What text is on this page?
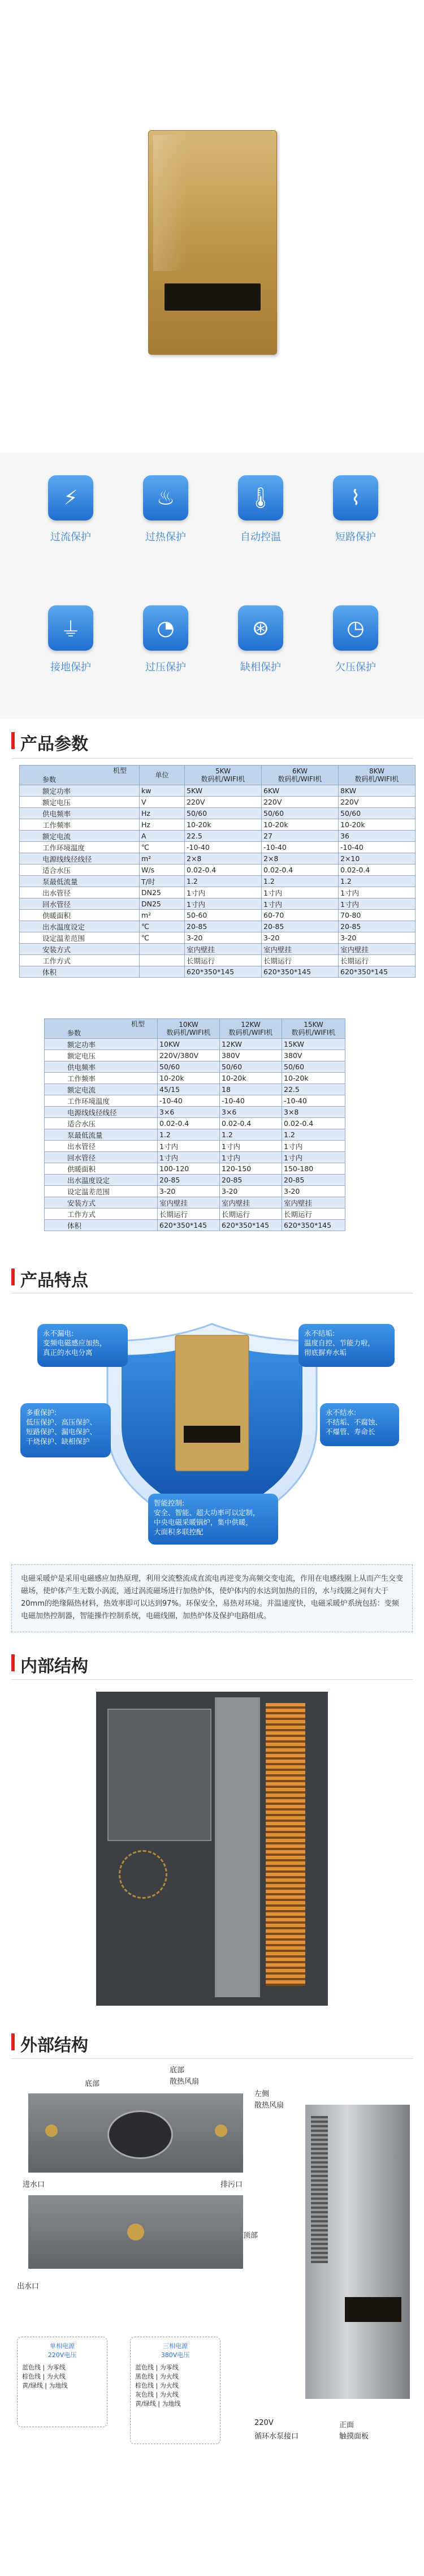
⚡
过流保护
♨
过热保护
🌡
自动控温
⌇
短路保护
⏚
接地保护
◔
过压保护
⊛
缺相保护
◷
欠压保护
产品参数
机型
参数	单位	5KW
数码机/WIFI机	6KW
数码机/WIFI机	8KW
数码机/WIFI机
额定功率	kw	5KW	6KW	8KW
额定电压	V	220V	220V	220V
供电频率	Hz	50/60	50/60	50/60
工作频率	Hz	10-20k	10-20k	10-20k
额定电流	A	22.5	27	36
工作环境温度	℃	-10-40	-10-40	-10-40
电源线线径线径	m²	2×8	2×8	2×10
适合水压	W/s	0.02-0.4	0.02-0.4	0.02-0.4
泵最低流量	T/时	1.2	1.2	1.2
出水管径	DN25	1寸内	1寸内	1寸内
回水管径	DN25	1寸内	1寸内	1寸内
供暖面积	m²	50-60	60-70	70-80
出水温度设定	℃	20-85	20-85	20-85
设定温差范围	℃	3-20	3-20	3-20
安装方式		室内壁挂	室内壁挂	室内壁挂
工作方式		长期运行	长期运行	长期运行
体积		620*350*145	620*350*145	620*350*145
机型
参数	10KW
数码机/WIFI机	12KW
数码机/WIFI机	15KW
数码机/WIFI机
额定功率	10KW	12KW	15KW
额定电压	220V/380V	380V	380V
供电频率	50/60	50/60	50/60
工作频率	10-20k	10-20k	10-20k
额定电流	45/15	18	22.5
工作环境温度	-10-40	-10-40	-10-40
电源线线径线径	3×6	3×6	3×8
适合水压	0.02-0.4	0.02-0.4	0.02-0.4
泵最低流量	1.2	1.2	1.2
出水管径	1寸内	1寸内	1寸内
回水管径	1寸内	1寸内	1寸内
供暖面积	100-120	120-150	150-180
出水温度设定	20-85	20-85	20-85
设定温差范围	3-20	3-20	3-20
安装方式	室内壁挂	室内壁挂	室内壁挂
工作方式	长期运行	长期运行	长期运行
体积	620*350*145	620*350*145	620*350*145
产品特点
永不漏电:
变频电磁感应加热，
真正的水电分离
永不结垢:
温度自控、节能力啦，
彻底摒弃水垢
多重保护:
低压保护、高压保护、
短路保护、漏电保护、
干烧保护、缺相保护
永不结水:
不结垢、不腐蚀、
不爆管、寿命长
智能控制:
安全、智能、超大功率可以定制，
中央电磁采暖锅炉，集中供暖，
大面积多联控配
电磁采暖炉是采用电磁感应加热原理，利用交流整流成直流电再逆变为高频交变电流，作用在电感线圈上从而产生交变磁场，使炉体产生无数小涡流，通过涡流磁场进行加热炉体，使炉体内的水达到加热的目的，水与线圈之间有大于20mm的绝缘隔热材料，热效率即可以达到97%。环保安全，易热对环境。并温速度快，电磁采暖炉系统包括：变频电磁加热控制器，智能操作控制系统，电磁线圈，加热炉体及保护电路组成。
内部结构
外部结构
底部
底部
散热风扇
进水口	排污口
顶部
出水口
左侧
散热风扇
220V
循环水泵接口
正面
触摸面板
单相电源
220V电压
蓝色线 | 为零线
棕色线 | 为火线
黄/绿线 | 为地线
三相电源
380V电压
蓝色线 | 为零线
黑色线 | 为火线
棕色线 | 为火线
灰色线 | 为火线
黄/绿线 | 为地线
